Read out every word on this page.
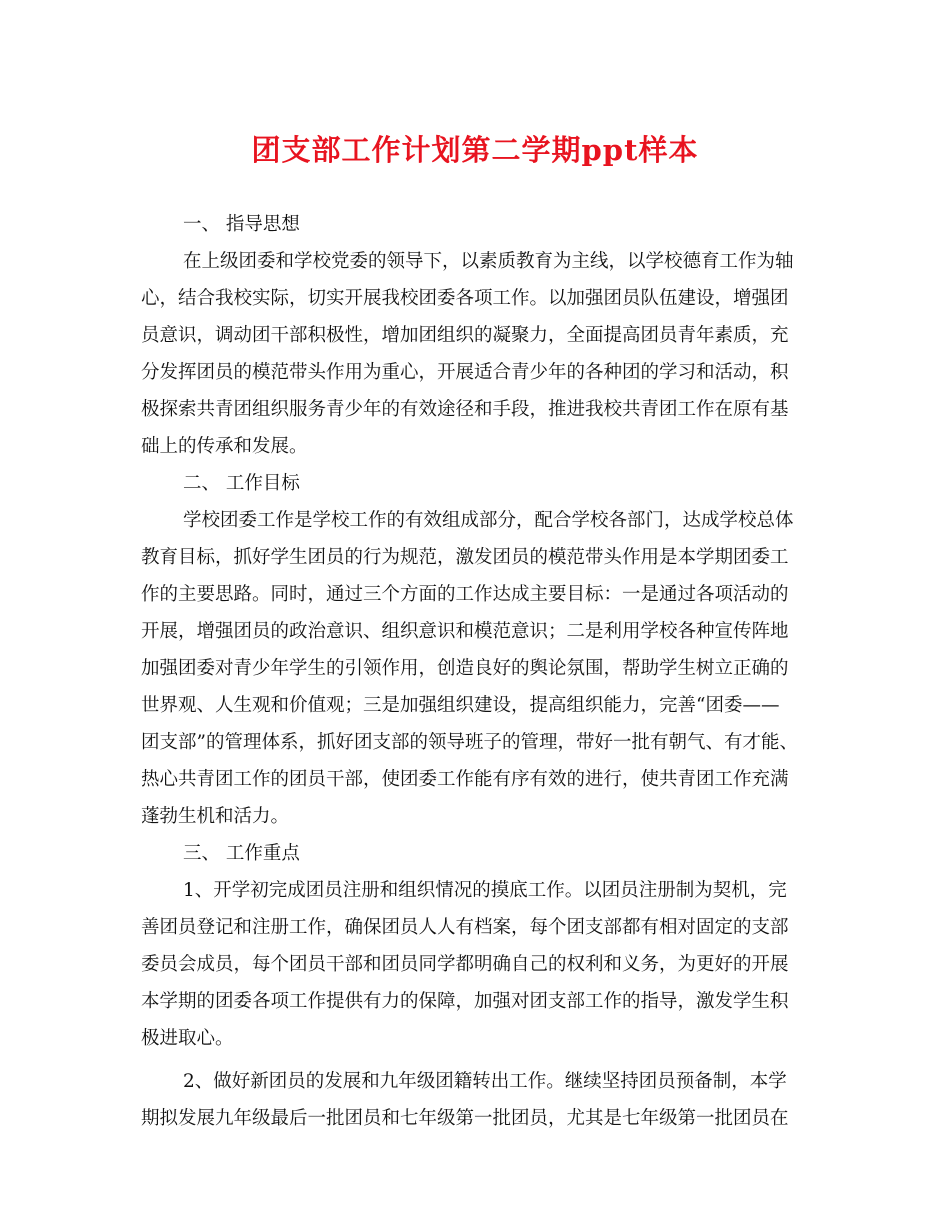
团支部工作计划第二学期ppt样本
一、 指导思想
在上级团委和学校党委的领导下，以素质教育为主线，以学校德育工作为轴
心，结合我校实际，切实开展我校团委各项工作。以加强团员队伍建设，增强团
员意识，调动团干部积极性，增加团组织的凝聚力，全面提高团员青年素质，充
分发挥团员的模范带头作用为重心，开展适合青少年的各种团的学习和活动，积
极探索共青团组织服务青少年的有效途径和手段，推进我校共青团工作在原有基
础上的传承和发展。
二、 工作目标
学校团委工作是学校工作的有效组成部分，配合学校各部门，达成学校总体
教育目标，抓好学生团员的行为规范，激发团员的模范带头作用是本学期团委工
作的主要思路。同时，通过三个方面的工作达成主要目标：一是通过各项活动的
开展，增强团员的政治意识、组织意识和模范意识；二是利用学校各种宣传阵地
加强团委对青少年学生的引领作用，创造良好的舆论氛围，帮助学生树立正确的
世界观、人生观和价值观；三是加强组织建设，提高组织能力，完善“团委——
团支部”的管理体系，抓好团支部的领导班子的管理，带好一批有朝气、有才能、
热心共青团工作的团员干部，使团委工作能有序有效的进行，使共青团工作充满
蓬勃生机和活力。
三、 工作重点
1、开学初完成团员注册和组织情况的摸底工作。以团员注册制为契机，完
善团员登记和注册工作，确保团员人人有档案，每个团支部都有相对固定的支部
委员会成员，每个团员干部和团员同学都明确自己的权利和义务，为更好的开展
本学期的团委各项工作提供有力的保障，加强对团支部工作的指导，激发学生积
极进取心。
2、做好新团员的发展和九年级团籍转出工作。继续坚持团员预备制，本学
期拟发展九年级最后一批团员和七年级第一批团员，尤其是七年级第一批团员在
